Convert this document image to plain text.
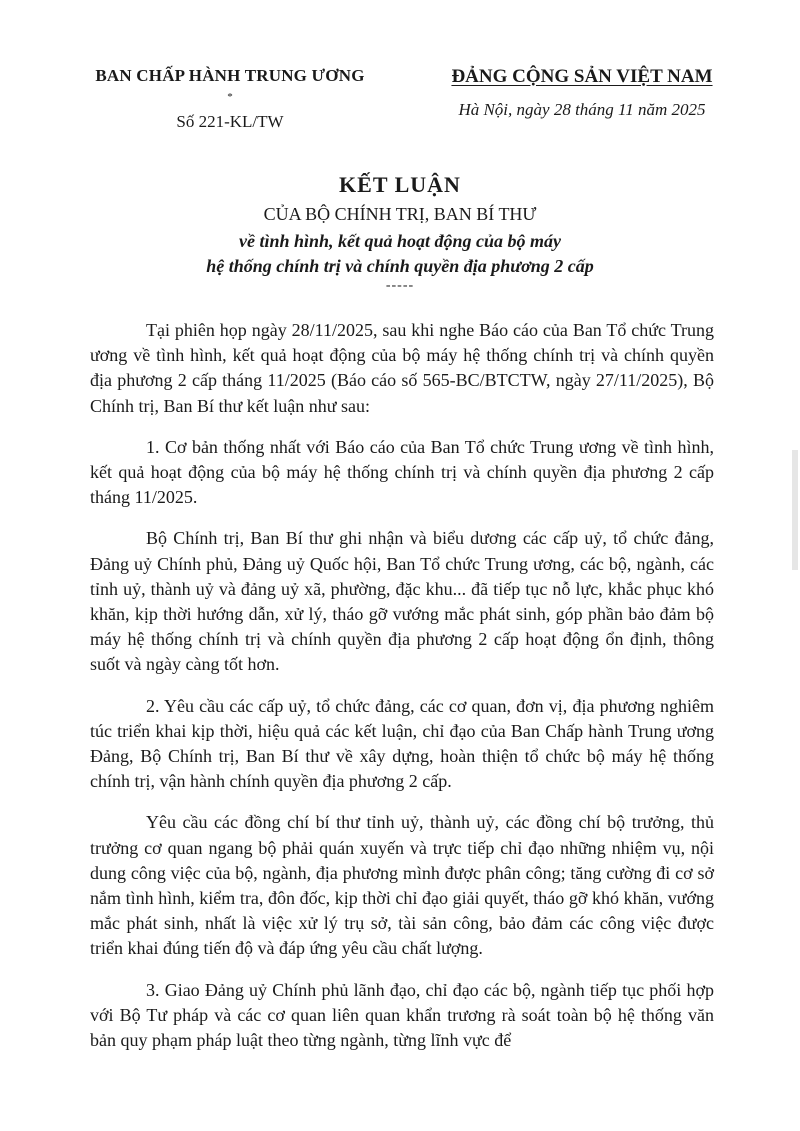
BAN CHẤP HÀNH TRUNG ƯƠNG
*
Số 221-KL/TW
ĐẢNG CỘNG SẢN VIỆT NAM
Hà Nội, ngày 28 tháng 11 năm 2025
KẾT LUẬN
CỦA BỘ CHÍNH TRỊ, BAN BÍ THƯ
về tình hình, kết quả hoạt động của bộ máy
hệ thống chính trị và chính quyền địa phương 2 cấp
-----

Tại phiên họp ngày 28/11/2025, sau khi nghe Báo cáo của Ban Tổ chức Trung ương về tình hình, kết quả hoạt động của bộ máy hệ thống chính trị và chính quyền địa phương 2 cấp tháng 11/2025 (Báo cáo số 565-BC/BTCTW, ngày 27/11/2025), Bộ Chính trị, Ban Bí thư kết luận như sau:

1. Cơ bản thống nhất với Báo cáo của Ban Tổ chức Trung ương về tình hình, kết quả hoạt động của bộ máy hệ thống chính trị và chính quyền địa phương 2 cấp tháng 11/2025.

Bộ Chính trị, Ban Bí thư ghi nhận và biểu dương các cấp uỷ, tổ chức đảng, Đảng uỷ Chính phủ, Đảng uỷ Quốc hội, Ban Tổ chức Trung ương, các bộ, ngành, các tỉnh uỷ, thành uỷ và đảng uỷ xã, phường, đặc khu... đã tiếp tục nỗ lực, khắc phục khó khăn, kịp thời hướng dẫn, xử lý, tháo gỡ vướng mắc phát sinh, góp phần bảo đảm bộ máy hệ thống chính trị và chính quyền địa phương 2 cấp hoạt động ổn định, thông suốt và ngày càng tốt hơn.

2. Yêu cầu các cấp uỷ, tổ chức đảng, các cơ quan, đơn vị, địa phương nghiêm túc triển khai kịp thời, hiệu quả các kết luận, chỉ đạo của Ban Chấp hành Trung ương Đảng, Bộ Chính trị, Ban Bí thư về xây dựng, hoàn thiện tổ chức bộ máy hệ thống chính trị, vận hành chính quyền địa phương 2 cấp.

Yêu cầu các đồng chí bí thư tỉnh uỷ, thành uỷ, các đồng chí bộ trưởng, thủ trưởng cơ quan ngang bộ phải quán xuyến và trực tiếp chỉ đạo những nhiệm vụ, nội dung công việc của bộ, ngành, địa phương mình được phân công; tăng cường đi cơ sở nắm tình hình, kiểm tra, đôn đốc, kịp thời chỉ đạo giải quyết, tháo gỡ khó khăn, vướng mắc phát sinh, nhất là việc xử lý trụ sở, tài sản công, bảo đảm các công việc được triển khai đúng tiến độ và đáp ứng yêu cầu chất lượng.

3. Giao Đảng uỷ Chính phủ lãnh đạo, chỉ đạo các bộ, ngành tiếp tục phối hợp với Bộ Tư pháp và các cơ quan liên quan khẩn trương rà soát toàn bộ hệ thống văn bản quy phạm pháp luật theo từng ngành, từng lĩnh vực để
